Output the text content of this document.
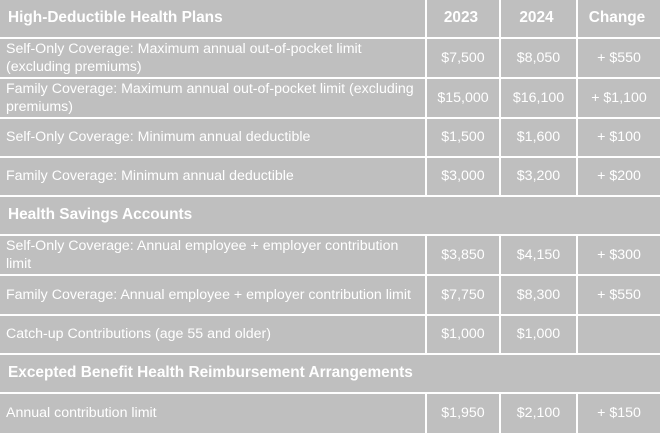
High-Deductible Health Plans	2023	2024	Change
Self-Only Coverage: Maximum annual out-of-pocket limit (excluding premiums)	$7,500	$8,050	+ $550
Family Coverage: Maximum annual out-of-pocket limit (excluding premiums)	$15,000	$16,100	+ $1,100
Self-Only Coverage: Minimum annual deductible	$1,500	$1,600	+ $100
Family Coverage: Minimum annual deductible	$3,000	$3,200	+ $200
Health Savings Accounts			
Self-Only Coverage: Annual employee + employer contribution limit	$3,850	$4,150	+ $300
Family Coverage: Annual employee + employer contribution limit	$7,750	$8,300	+ $550
Catch-up Contributions (age 55 and older)	$1,000	$1,000	
Excepted Benefit Health Reimbursement Arrangements			
Annual contribution limit	$1,950	$2,100	+ $150
